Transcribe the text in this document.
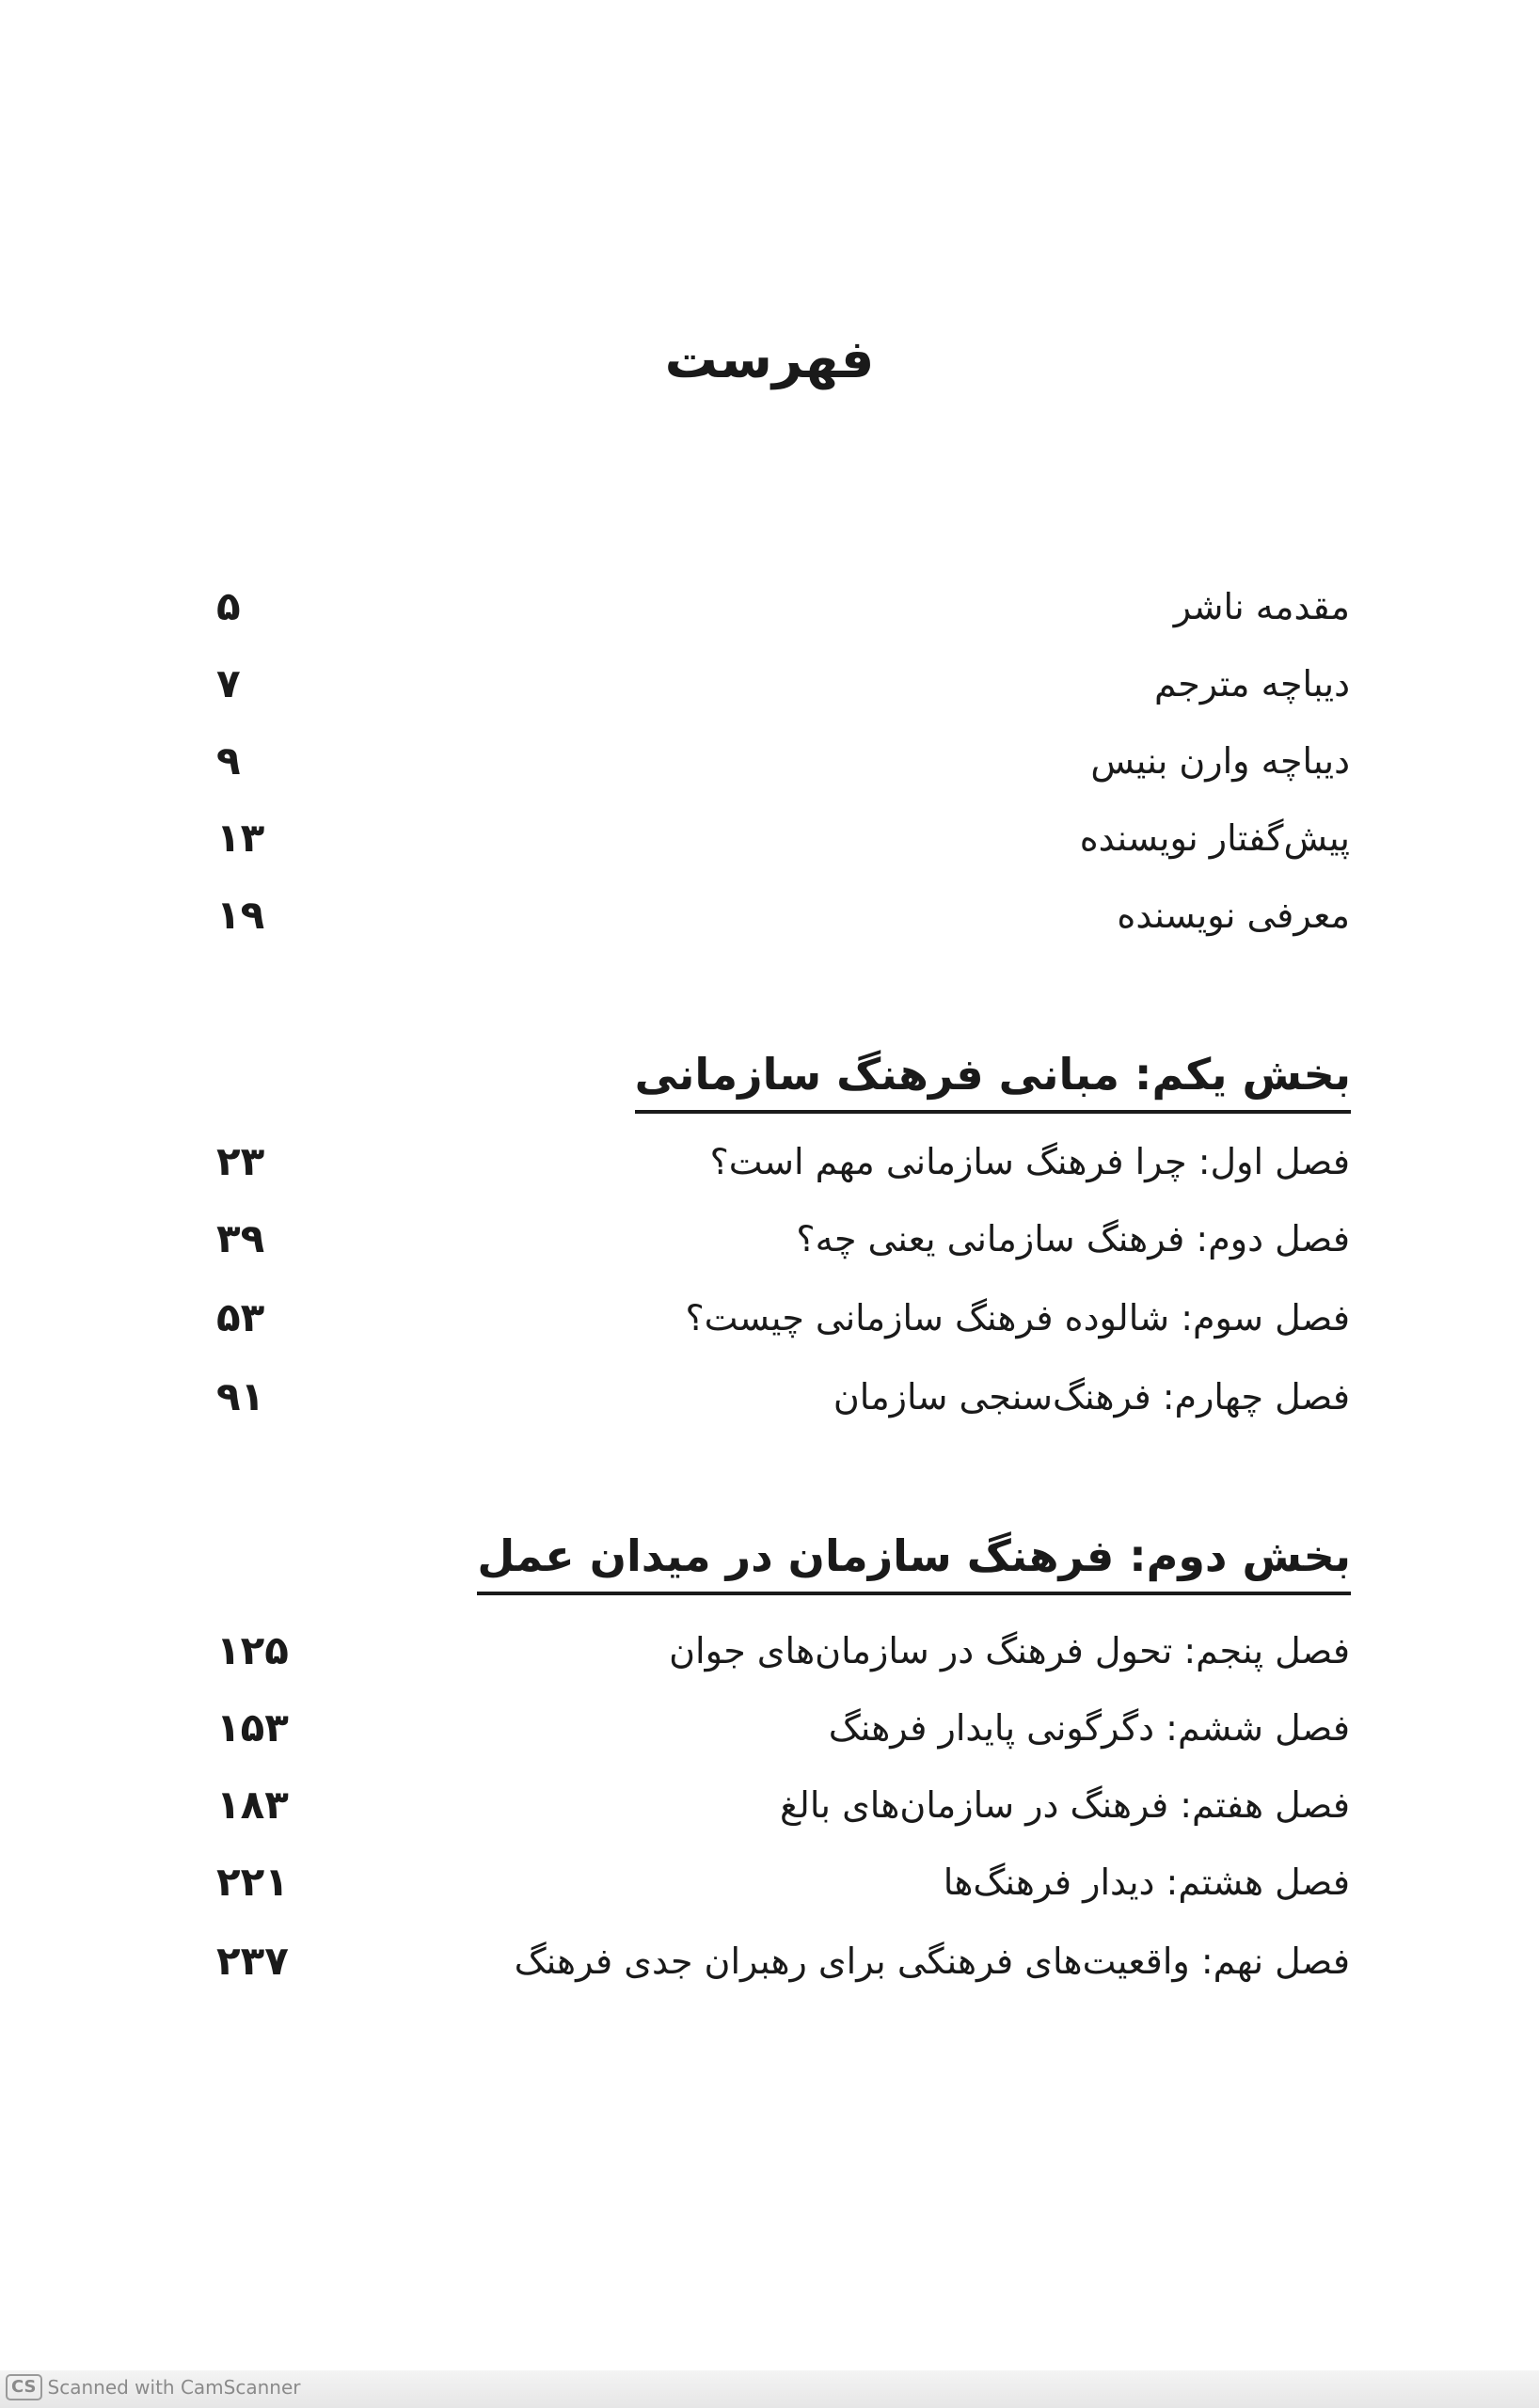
فهرست
مقدمه ناشر
۵
دیباچه مترجم
۷
دیباچه وارن بنیس
۹
پیش‌گفتار نویسنده
۱۳
معرفی نویسنده
۱۹
بخش یکم: مبانی فرهنگ سازمانی
فصل اول: چرا فرهنگ سازمانی مهم است؟
۲۳
فصل دوم: فرهنگ سازمانی یعنی چه؟
۳۹
فصل سوم: شالوده فرهنگ سازمانی چیست؟
۵۳
فصل چهارم: فرهنگ‌سنجی سازمان
۹۱
بخش دوم: فرهنگ سازمان در میدان عمل
فصل پنجم: تحول فرهنگ در سازمان‌های جوان
۱۲۵
فصل ششم: دگرگونی پایدار فرهنگ
۱۵۳
فصل هفتم: فرهنگ در سازمان‌های بالغ
۱۸۳
فصل هشتم: دیدار فرهنگ‌ها
۲۲۱
فصل نهم: واقعیت‌های فرهنگی برای رهبران جدی فرهنگ
۲۳۷
CS Scanned with CamScanner
